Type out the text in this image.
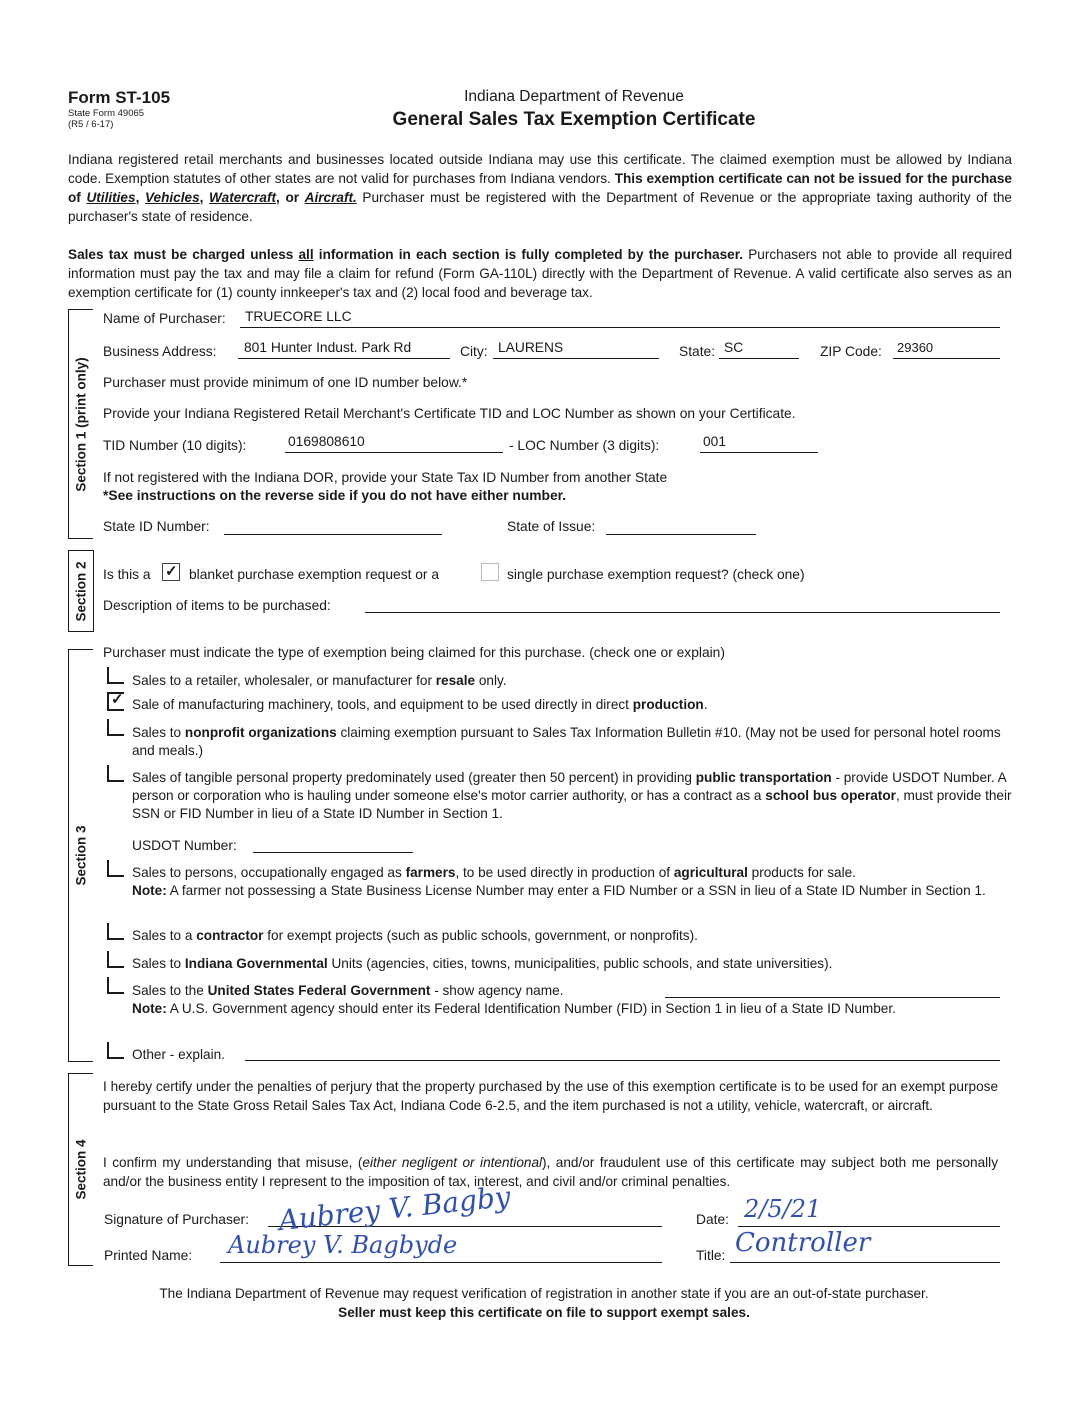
Form ST-105
State Form 49065
(R5 / 6-17)
Indiana Department of Revenue
General Sales Tax Exemption Certificate
Indiana registered retail merchants and businesses located outside Indiana may use this certificate. The claimed exemption must be allowed by Indiana code. Exemption statutes of other states are not valid for purchases from Indiana vendors. This exemption certificate can not be issued for the purchase of Utilities, Vehicles, Watercraft, or Aircraft. Purchaser must be registered with the Department of Revenue or the appropriate taxing authority of the purchaser's state of residence.
Sales tax must be charged unless all information in each section is fully completed by the purchaser. Purchasers not able to provide all required information must pay the tax and may file a claim for refund (Form GA-110L) directly with the Department of Revenue. A valid certificate also serves as an exemption certificate for (1) county innkeeper's tax and (2) local food and beverage tax.
Section 1 (print only)
Name of Purchaser: TRUECORE LLC
Business Address: 801 Hunter Indust. Park Rd	City: LAURENS	State: SC	ZIP Code: 29360
Purchaser must provide minimum of one ID number below.*
Provide your Indiana Registered Retail Merchant's Certificate TID and LOC Number as shown on your Certificate.
TID Number (10 digits):	0169808610	- LOC Number (3 digits):	001
If not registered with the Indiana DOR, provide your State Tax ID Number from another State
*See instructions on the reverse side if you do not have either number.
State ID Number:	State of Issue:
Section 2 Is this a ✓ blanket purchase exemption request or a	single purchase exemption request? (check one)
Description of items to be purchased:
Section 3
Purchaser must indicate the type of exemption being claimed for this purchase. (check one or explain)
Sales to a retailer, wholesaler, or manufacturer for resale only.
✓ Sale of manufacturing machinery, tools, and equipment to be used directly in direct production.
Sales to nonprofit organizations claiming exemption pursuant to Sales Tax Information Bulletin #10. (May not be used for personal hotel rooms and meals.)
Sales of tangible personal property predominately used (greater then 50 percent) in providing public transportation - provide USDOT Number. A person or corporation who is hauling under someone else's motor carrier authority, or has a contract as a school bus operator, must provide their SSN or FID Number in lieu of a State ID Number in Section 1.
USDOT Number:
Sales to persons, occupationally engaged as farmers, to be used directly in production of agricultural products for sale.
Note: A farmer not possessing a State Business License Number may enter a FID Number or a SSN in lieu of a State ID Number in Section 1.
Sales to a contractor for exempt projects (such as public schools, government, or nonprofits).
Sales to Indiana Governmental Units (agencies, cities, towns, municipalities, public schools, and state universities).
Sales to the United States Federal Government - show agency name.
Note: A U.S. Government agency should enter its Federal Identification Number (FID) in Section 1 in lieu of a State ID Number.
Other - explain.
Section 4
I hereby certify under the penalties of perjury that the property purchased by the use of this exemption certificate is to be used for an exempt purpose pursuant to the State Gross Retail Sales Tax Act, Indiana Code 6-2.5, and the item purchased is not a utility, vehicle, watercraft, or aircraft.
I confirm my understanding that misuse, (either negligent or intentional), and/or fraudulent use of this certificate may subject both me personally and/or the business entity I represent to the imposition of tax, interest, and civil and/or criminal penalties.
Signature of Purchaser: Aubrey V. Bagby	Date: 2/5/21
Printed Name: Aubrey V. Bagbyde	Title: Controller
The Indiana Department of Revenue may request verification of registration in another state if you are an out-of-state purchaser.
Seller must keep this certificate on file to support exempt sales.
